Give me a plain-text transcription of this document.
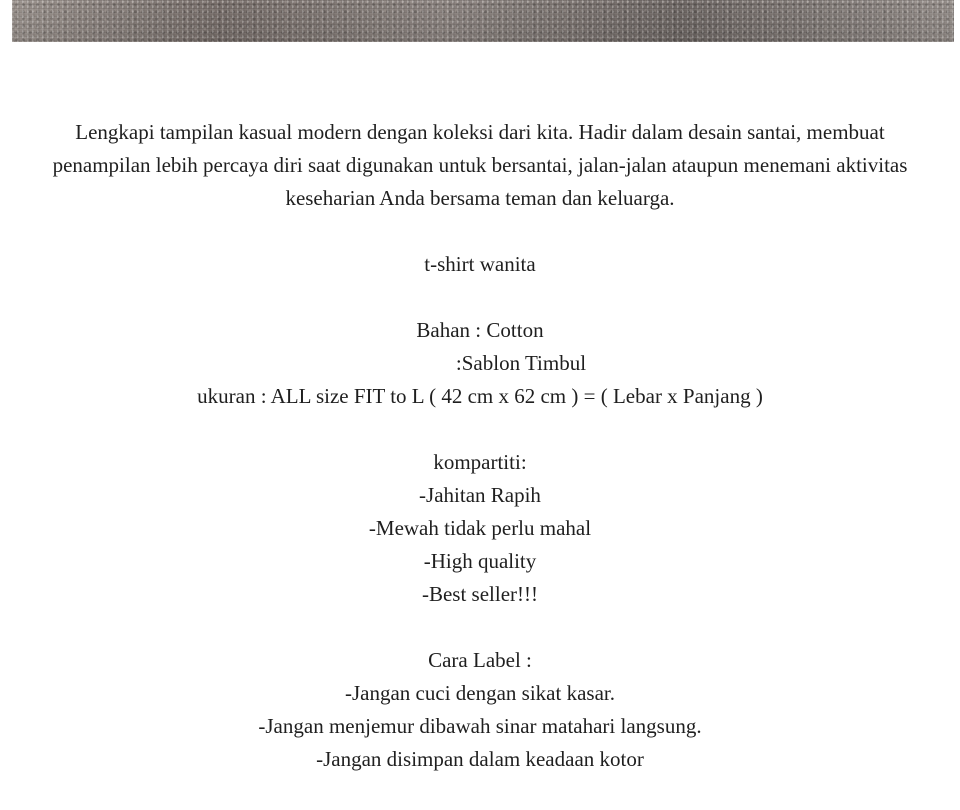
Lengkapi tampilan kasual modern dengan koleksi dari kita. Hadir dalam desain santai, membuat
penampilan lebih percaya diri saat digunakan untuk bersantai, jalan-jalan ataupun menemani aktivitas
keseharian Anda bersama teman dan keluarga.
t-shirt wanita
Bahan : Cotton
:Sablon Timbul
ukuran : ALL size FIT to L ( 42 cm x 62 cm ) = ( Lebar x Panjang )
kompartiti:
-Jahitan Rapih
-Mewah tidak perlu mahal
-High quality
-Best seller!!!
Cara Label :
-Jangan cuci dengan sikat kasar.
-Jangan menjemur dibawah sinar matahari langsung.
-Jangan disimpan dalam keadaan kotor
